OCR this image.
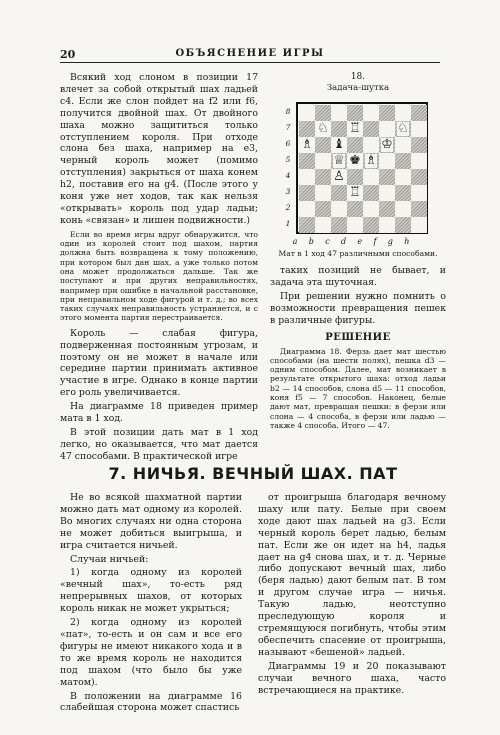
20	ОБЪЯСНЕНИЕ ИГРЫ

Всякий ход слоном в позиции 17 влечет за собой открытый шах ладьей с4. Если же слон пойдет на f2 или f6, получится двойной шах. От двойного шаха можно защититься только отступлением короля. При отходе слона без шаха, например на е3, черный король может (помимо отступления) закрыться от шаха конем h2, поставив его на g4. (После этого у коня уже нет ходов, так как нельзя «открывать» король под удар ладьи; конь «связан» и лишен подвижности.)

Если во время игры вдруг обнаружится, что один из королей стоит под шахом, партия должна быть возвращена к тому положению, при котором был дан шах, а уже только потом она может продолжаться дальше. Так же поступают и при других неправильностях, например при ошибке в начальной расстановке, при неправильном ходе фигурой и т. д.; во всех таких случаях неправильность устраняется, и с этого момента партия перестраивается.

Король — слабая фигура, подверженная постоянным угрозам, и поэтому он не может в начале или середине партии принимать активное участие в игре. Однако в конце партии его роль увеличивается.

На диаграмме 18 приведен пример мата в 1 ход.

В этой позиции дать мат в 1 ход легко, но оказывается, что мат дается 47 способами. В практической игре

18.
Задача-шутка
8
7
6
5
4
3
2
1
♘ ♖	♘
♗ ♝	♔
♕ ♚ ♗
♙
♖
a b c d e f g h
Мат в 1 ход 47 различными способами.

таких позиций не бывает, и задача эта шуточная.

При решении нужно помнить о возможности превращения пешек в различные фигуры.

РЕШЕНИЕ

Диаграмма 18. Ферзь дает мат шестью способами (на шести полях), пешка d3 — одним способом. Далее, мат возникает в результате открытого шаха: отход ладьи b2 — 14 способов, слона d5 — 11 способов, коня f5 — 7 способов. Наконец, белые дают мат, превращая пешки: в ферзи или слона — 4 способа, в ферзи или ладью — также 4 способа. Итого — 47.

7. НИЧЬЯ. ВЕЧНЫЙ ШАХ. ПАТ

Не во всякой шахматной партии можно дать мат одному из королей. Во многих случаях ни одна сторона не может добиться выигрыша, и игра считается ничьей.

Случаи ничьей:

1) когда одному из королей «вечный шах», то-есть ряд непрерывных шахов, от которых король никак не может укрыться;

2) когда одному из королей «пат», то-есть и он сам и все его фигуры не имеют никакого хода и в то же время король не находится под шахом (что было бы уже матом).

В положении на диаграмме 16 слабейшая сторона может спастись

от проигрыша благодаря вечному шаху или пату. Белые при своем ходе дают шах ладьей на g3. Если черный король берет ладью, белым пат. Если же он идет на h4, ладья дает на g4 снова шах, и т. д. Черные либо допускают вечный шах, либо (беря ладью) дают белым пат. В том и другом случае игра — ничья. Такую ладью, неотступно преследующую короля и стремящуюся погибнуть, чтобы этим обеспечить спасение от проигрыша, называют «бешеной» ладьей.

Диаграммы 19 и 20 показывают случаи вечного шаха, часто встречающиеся на практике.
